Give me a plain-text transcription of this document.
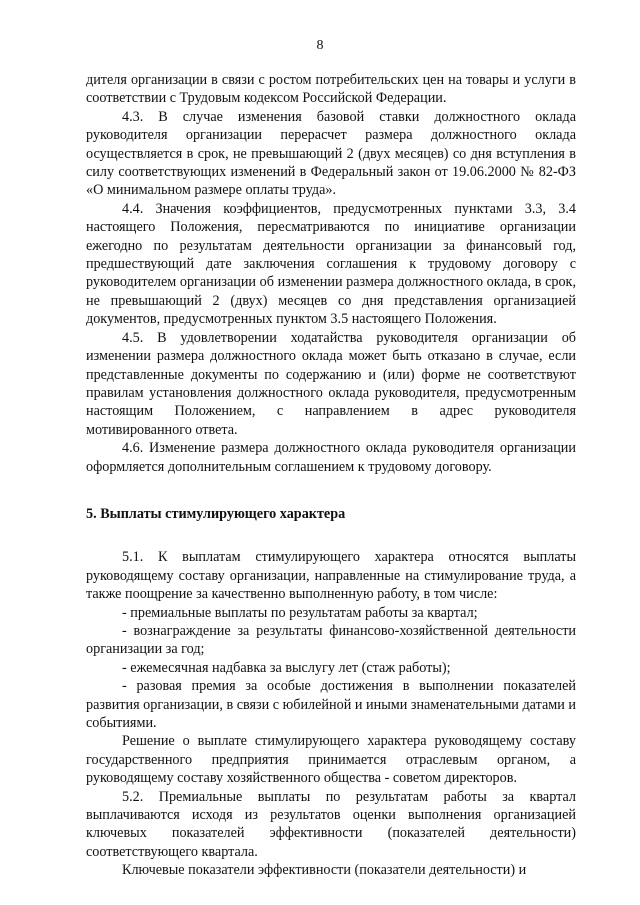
8

дителя организации в связи с ростом потребительских цен на товары и услуги в соответствии с Трудовым кодексом Российской Федерации.

4.3. В случае изменения базовой ставки должностного оклада руководителя организации перерасчет размера должностного оклада осуществляется в срок, не превышающий 2 (двух месяцев) со дня вступления в силу соответствующих изменений в Федеральный закон от 19.06.2000 № 82-ФЗ «О минимальном размере оплаты труда».

4.4. Значения коэффициентов, предусмотренных пунктами 3.3, 3.4 настоящего Положения, пересматриваются по инициативе организации ежегодно по результатам деятельности организации за финансовый год, предшествующий дате заключения соглашения к трудовому договору с руководителем организации об изменении размера должностного оклада, в срок, не превышающий 2 (двух) месяцев со дня представления организацией документов, предусмотренных пунктом 3.5 настоящего Положения.

4.5. В удовлетворении ходатайства руководителя организации об изменении размера должностного оклада может быть отказано в случае, если представленные документы по содержанию и (или) форме не соответствуют правилам установления должностного оклада руководителя, предусмотренным настоящим Положением, с направлением в адрес руководителя мотивированного ответа.

4.6. Изменение размера должностного оклада руководителя организации оформляется дополнительным соглашением к трудовому договору.

5. Выплаты стимулирующего характера

5.1. К выплатам стимулирующего характера относятся выплаты руководящему составу организации, направленные на стимулирование труда, а также поощрение за качественно выполненную работу, в том числе:

- премиальные выплаты по результатам работы за квартал;

- вознаграждение за результаты финансово-хозяйственной деятельности организации за год;

- ежемесячная надбавка за выслугу лет (стаж работы);

- разовая премия за особые достижения в выполнении показателей развития организации, в связи с юбилейной и иными знаменательными датами и событиями.

Решение о выплате стимулирующего характера руководящему составу государственного предприятия принимается отраслевым органом, а руководящему составу хозяйственного общества - советом директоров.

5.2. Премиальные выплаты по результатам работы за квартал выплачиваются исходя из результатов оценки выполнения организацией ключевых показателей эффективности (показателей деятельности) соответствующего квартала.

Ключевые показатели эффективности (показатели деятельности) и
